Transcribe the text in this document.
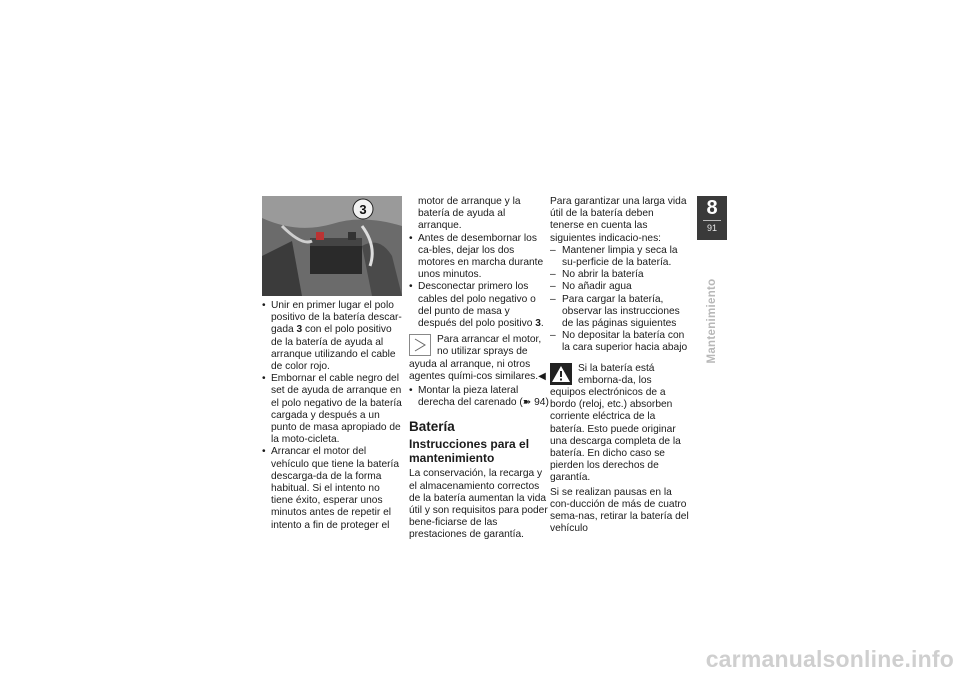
3

• Unir en primer lugar el polo positivo de la batería descar-gada 3 con el polo positivo de la batería de ayuda al arranque utilizando el cable de color rojo.

• Embornar el cable negro del set de ayuda de arranque en el polo negativo de la batería cargada y después a un punto de masa apropiado de la moto-cicleta.

• Arrancar el motor del vehículo que tiene la batería descarga-da de la forma habitual. Si el intento no tiene éxito, esperar unos minutos antes de repetir el intento a fin de proteger el

motor de arranque y la batería de ayuda al arranque.

• Antes de desembornar los ca-bles, dejar los dos motores en marcha durante unos minutos.

• Desconectar primero los cables del polo negativo o del punto de masa y después del polo positivo 3.

Para arrancar el motor, no utilizar sprays de ayuda al arranque, ni otros agentes quími-cos similares.◀

• Montar la pieza lateral derecha del carenado (➽ 94)

Batería
Instrucciones para el mantenimiento

La conservación, la recarga y el almacenamiento correctos de la batería aumentan la vida útil y son requisitos para poder bene-ficiarse de las prestaciones de garantía.

Para garantizar una larga vida útil de la batería deben tenerse en cuenta las siguientes indicacio-nes:

– Mantener limpia y seca la su-perficie de la batería.

– No abrir la batería

– No añadir agua

– Para cargar la batería, observar las instrucciones de las páginas siguientes

– No depositar la batería con la cara superior hacia abajo

Si la batería está emborna-da, los equipos electrónicos de a bordo (reloj, etc.) absorben corriente eléctrica de la batería. Esto puede originar una descarga completa de la batería. En dicho caso se pierden los derechos de garantía.

Si se realizan pausas en la con-ducción de más de cuatro sema-nas, retirar la batería del vehículo

8
91
Mantenimiento
carmanualsonline.info
